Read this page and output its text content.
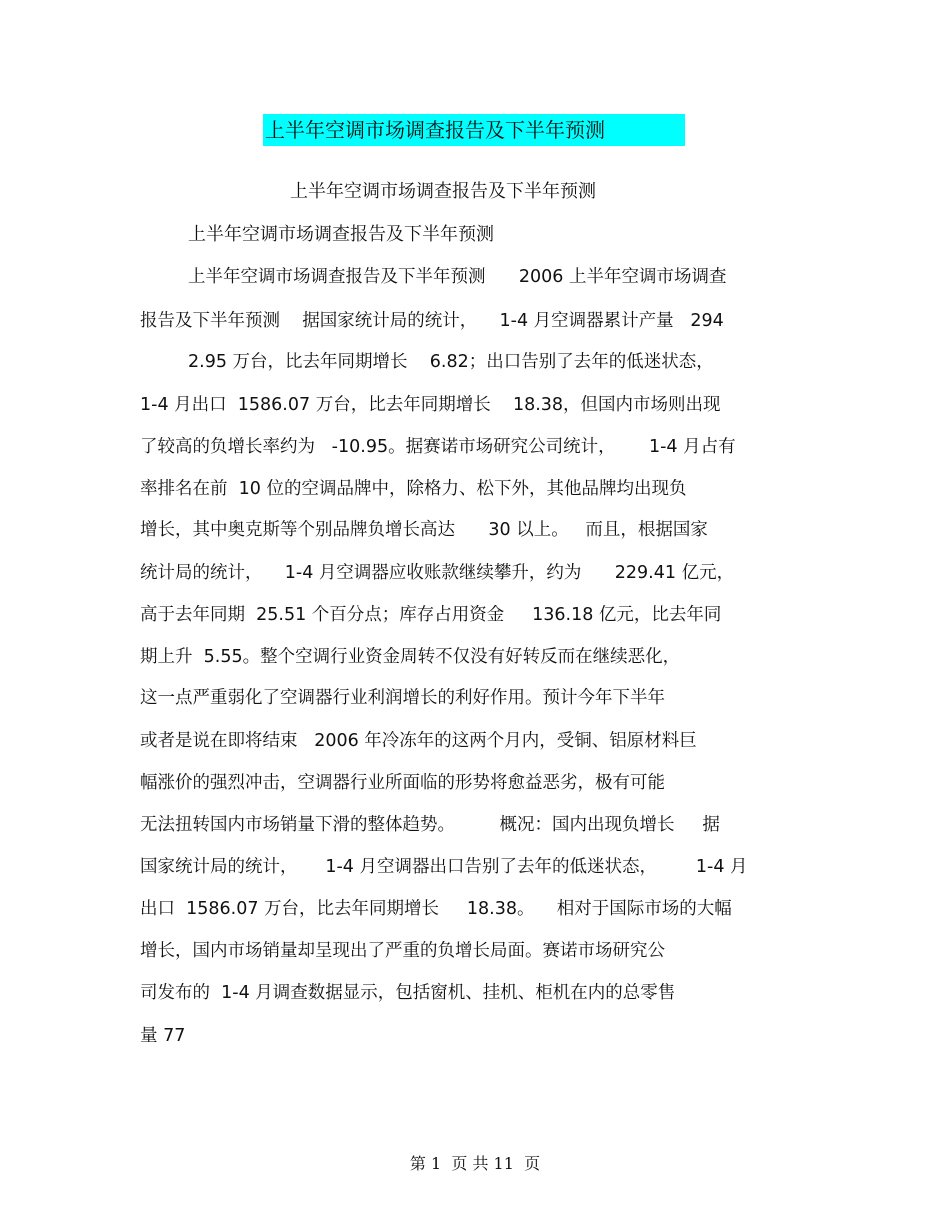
上半年空调市场调查报告及下半年预测
上半年空调市场调查报告及下半年预测
上半年空调市场调查报告及下半年预测
上半年空调市场调查报告及下半年预测      2006 上半年空调市场调查
报告及下半年预测    据国家统计局的统计，    1-4 月空调器累计产量   294
2.95 万台，比去年同期增长    6.82；出口告别了去年的低迷状态，
1-4 月出口  1586.07 万台，比去年同期增长    18.38，但国内市场则出现
了较高的负增长率约为   -10.95。据赛诺市场研究公司统计，      1-4 月占有
率排名在前  10 位的空调品牌中，除格力、松下外，其他品牌均出现负
增长，其中奥克斯等个别品牌负增长高达      30 以上。   而且，根据国家
统计局的统计，    1-4 月空调器应收账款继续攀升，约为      229.41 亿元，
高于去年同期  25.51 个百分点；库存占用资金     136.18 亿元，比去年同
期上升  5.55。整个空调行业资金周转不仅没有好转反而在继续恶化，
这一点严重弱化了空调器行业利润增长的利好作用。预计今年下半年
或者是说在即将结束   2006 年冷冻年的这两个月内，受铜、铝原材料巨
幅涨价的强烈冲击，空调器行业所面临的形势将愈益恶劣，极有可能
无法扭转国内市场销量下滑的整体趋势。        概况：国内出现负增长     据
国家统计局的统计，     1-4 月空调器出口告别了去年的低迷状态，       1-4 月
出口  1586.07 万台，比去年同期增长     18.38。    相对于国际市场的大幅
增长，国内市场销量却呈现出了严重的负增长局面。赛诺市场研究公
司发布的  1-4 月调查数据显示，包括窗机、挂机、柜机在内的总零售
量 77
第 1  页 共 11  页
